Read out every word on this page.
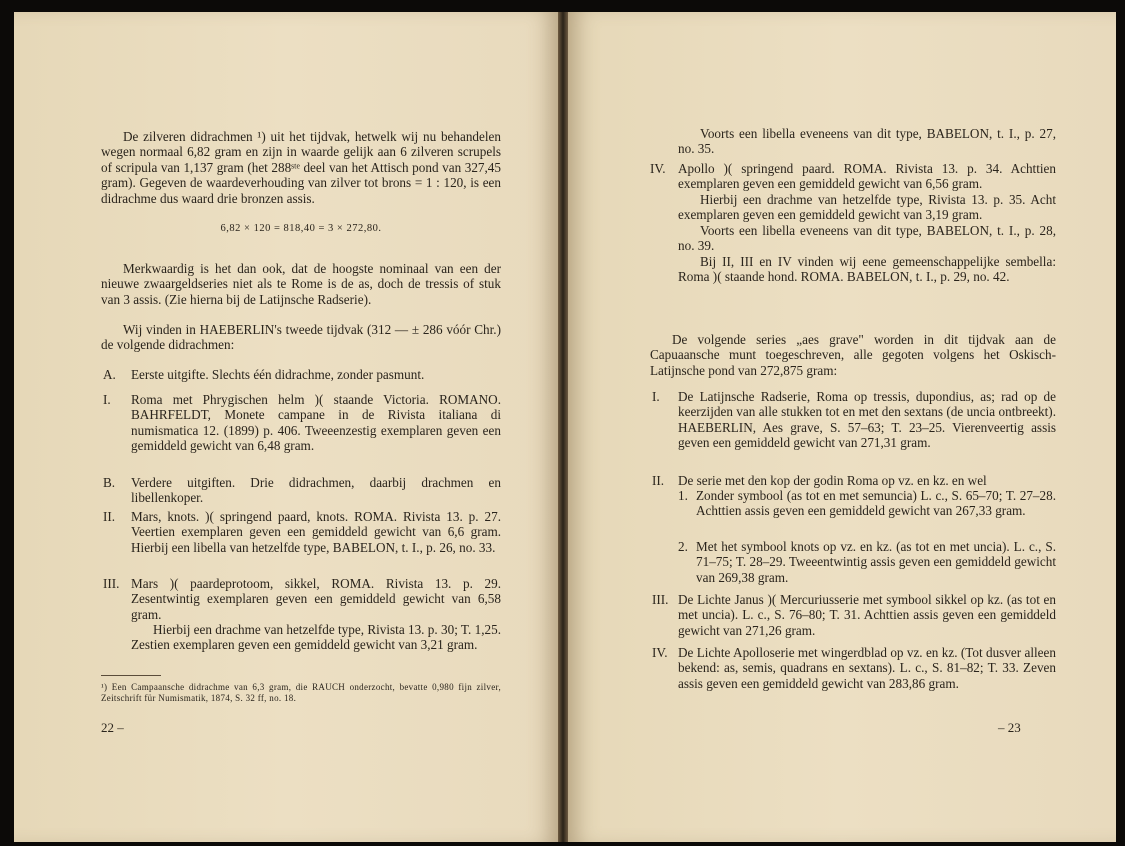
De zilveren didrachmen ¹) uit het tijdvak, hetwelk wij nu behandelen wegen normaal 6,82 gram en zijn in waarde gelijk aan 6 zilveren scrupels of scripula van 1,137 gram (het 288ˢᵗᵉ deel van het Attisch pond van 327,45 gram). Gegeven de waardeverhouding van zilver tot brons = 1 : 120, is een didrachme dus waard drie bronzen assis.

6,82 × 120 = 818,40 = 3 × 272,80.

Merkwaardig is het dan ook, dat de hoogste nominaal van een der nieuwe zwaargeldseries niet als te Rome is de as, doch de tressis of stuk van 3 assis. (Zie hierna bij de Latijnsche Radserie).

Wij vinden in HAEBERLIN's tweede tijdvak (312 — ± 286 vóór Chr.) de volgende didrachmen:

A. Eerste uitgifte. Slechts één didrachme, zonder pasmunt.
I. Roma met Phrygischen helm )( staande Victoria. ROMANO. BAHRFELDT, Monete campane in de Rivista italiana di numismatica 12. (1899) p. 406. Tweeenzestig exemplaren geven een gemiddeld gewicht van 6,48 gram.
B. Verdere uitgiften. Drie didrachmen, daarbij drachmen en libellenkoper.
II. Mars, knots. )( springend paard, knots. ROMA. Rivista 13. p. 27. Veertien exemplaren geven een gemiddeld gewicht van 6,6 gram. Hierbij een libella van hetzelfde type, BABELON, t. I., p. 26, no. 33.
III. Mars )( paardeprotoom, sikkel, ROMA. Rivista 13. p. 29. Zesentwintig exemplaren geven een gemiddeld gewicht van 6,58 gram.
Hierbij een drachme van hetzelfde type, Rivista 13. p. 30; T. 1,25. Zestien exemplaren geven een gemiddeld gewicht van 3,21 gram.
¹) Een Campaansche didrachme van 6,3 gram, die RAUCH onderzocht, bevatte 0,980 fijn zilver, Zeitschrift für Numismatik, 1874, S. 32 ff, no. 18.
22 –

Voorts een libella eveneens van dit type, BABELON, t. I., p. 27, no. 35.

IV. Apollo )( springend paard. ROMA. Rivista 13. p. 34. Achttien exemplaren geven een gemiddeld gewicht van 6,56 gram.
Hierbij een drachme van hetzelfde type, Rivista 13. p. 35. Acht exemplaren geven een gemiddeld gewicht van 3,19 gram.
Voorts een libella eveneens van dit type, BABELON, t. I., p. 28, no. 39.
Bij II, III en IV vinden wij eene gemeenschappelijke sembella: Roma )( staande hond. ROMA. BABELON, t. I., p. 29, no. 42.

De volgende series „aes grave" worden in dit tijdvak aan de Capuaansche munt toegeschreven, alle gegoten volgens het Oskisch-Latijnsche pond van 272,875 gram:

I. De Latijnsche Radserie, Roma op tressis, dupondius, as; rad op de keerzijden van alle stukken tot en met den sextans (de uncia ontbreekt). HAEBERLIN, Aes grave, S. 57–63; T. 23–25. Vierenveertig assis geven een gemiddeld gewicht van 271,31 gram.
II. De serie met den kop der godin Roma op vz. en kz. en wel
1. Zonder symbool (as tot en met semuncia) L. c., S. 65–70; T. 27–28. Achttien assis geven een gemiddeld gewicht van 267,33 gram.
2. Met het symbool knots op vz. en kz. (as tot en met uncia). L. c., S. 71–75; T. 28–29. Tweeentwintig assis geven een gemiddeld gewicht van 269,38 gram.
III. De Lichte Janus )( Mercuriusserie met symbool sikkel op kz. (as tot en met uncia). L. c., S. 76–80; T. 31. Achttien assis geven een gemiddeld gewicht van 271,26 gram.
IV. De Lichte Apolloserie met wingerdblad op vz. en kz. (Tot dusver alleen bekend: as, semis, quadrans en sextans). L. c., S. 81–82; T. 33. Zeven assis geven een gemiddeld gewicht van 283,86 gram.
– 23
